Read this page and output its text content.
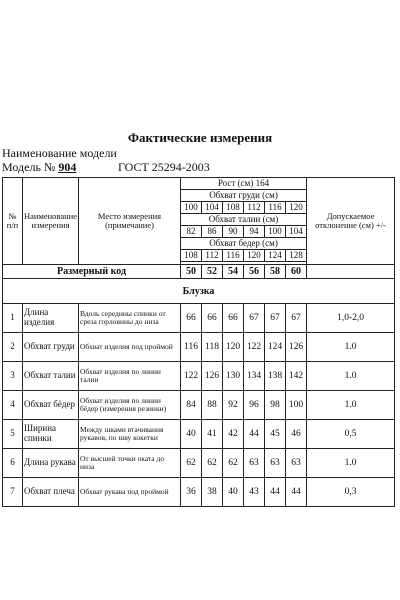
Фактические измерения
Наименование модели
Модель № 904	ГОСТ 25294-2003
№ п/п	Наименование измерения	Место измерения (примечание)	Рост (см) 164						Допускаемое отклонение (см) +/-
			Обхват груди (см)						
			100	104	108	112	116	120	
			Обхват талии (см)						
			82	86	90	94	100	104	
			Обхват бедер (см)						
			108	112	116	120	124	128	

Размерный код			50	52	54	56	58	60	
Блузка									
1	Длина изделия	Вдоль середины спинки от среза горловины до низа	66	66	66	67	67	67	1,0-2,0
2	Обхват груди	Обхват изделия под проймой	116	118	120	122	124	126	1.0
3	Обхват талии	Обхват изделия по линии талии	122	126	130	134	138	142	1.0
4	Обхват бёдер	Обхват изделия по линии бёдер (измерения резинки)	84	88	92	96	98	100	1.0
5	Ширина спинки	Между швами втачивания рукавов, по шву кокетки	40	41	42	44	45	46	0,5
6	Длина рукава	От высшей точки оката до низа	62	62	62	63	63	63	1.0
7	Обхват плеча	Обхват рукава под проймой	36	38	40	43	44	44	0,3
